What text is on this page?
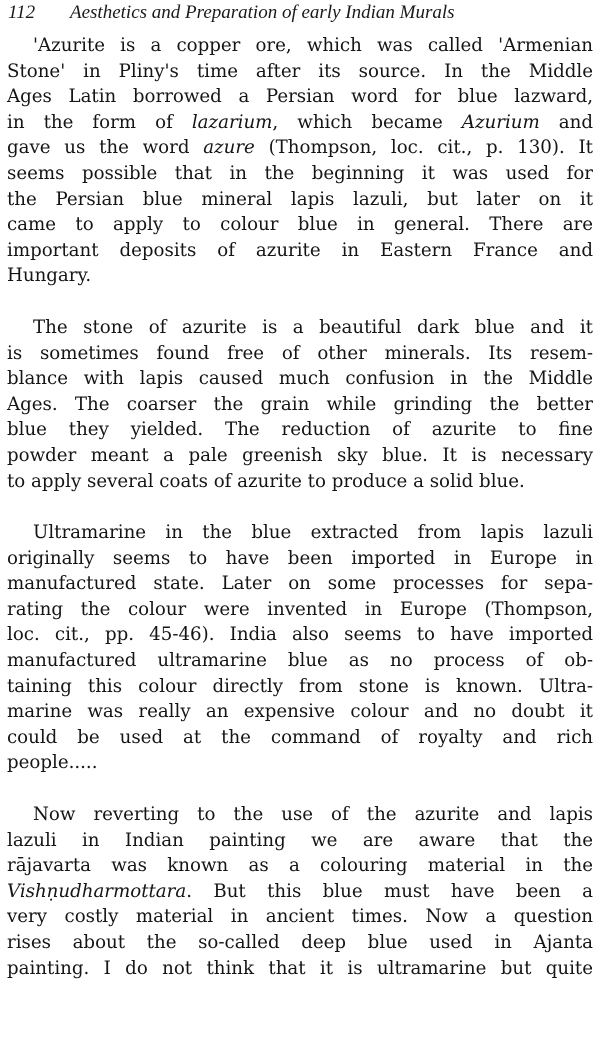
112 Aesthetics and Preparation of early Indian Murals
'Azurite is a copper ore, which was called 'Armenian
Stone' in Pliny's time after its source. In the Middle
Ages Latin borrowed a Persian word for blue lazward,
in the form of lazarium, which became Azurium and
gave us the word azure (Thompson, loc. cit., p. 130). It
seems possible that in the beginning it was used for
the Persian blue mineral lapis lazuli, but later on it
came to apply to colour blue in general. There are
important deposits of azurite in Eastern France and
Hungary.
The stone of azurite is a beautiful dark blue and it
is sometimes found free of other minerals. Its resem-
blance with lapis caused much confusion in the Middle
Ages. The coarser the grain while grinding the better
blue they yielded. The reduction of azurite to fine
powder meant a pale greenish sky blue. It is necessary
to apply several coats of azurite to produce a solid blue.
Ultramarine in the blue extracted from lapis lazuli
originally seems to have been imported in Europe in
manufactured state. Later on some processes for sepa-
rating the colour were invented in Europe (Thompson,
loc. cit., pp. 45-46). India also seems to have imported
manufactured ultramarine blue as no process of ob-
taining this colour directly from stone is known. Ultra-
marine was really an expensive colour and no doubt it
could be used at the command of royalty and rich
people.....
Now reverting to the use of the azurite and lapis
lazuli in Indian painting we are aware that the
rājavarta was known as a colouring material in the
Vishṇudharmottara. But this blue must have been a
very costly material in ancient times. Now a question
rises about the so-called deep blue used in Ajanta
painting. I do not think that it is ultramarine but quite
